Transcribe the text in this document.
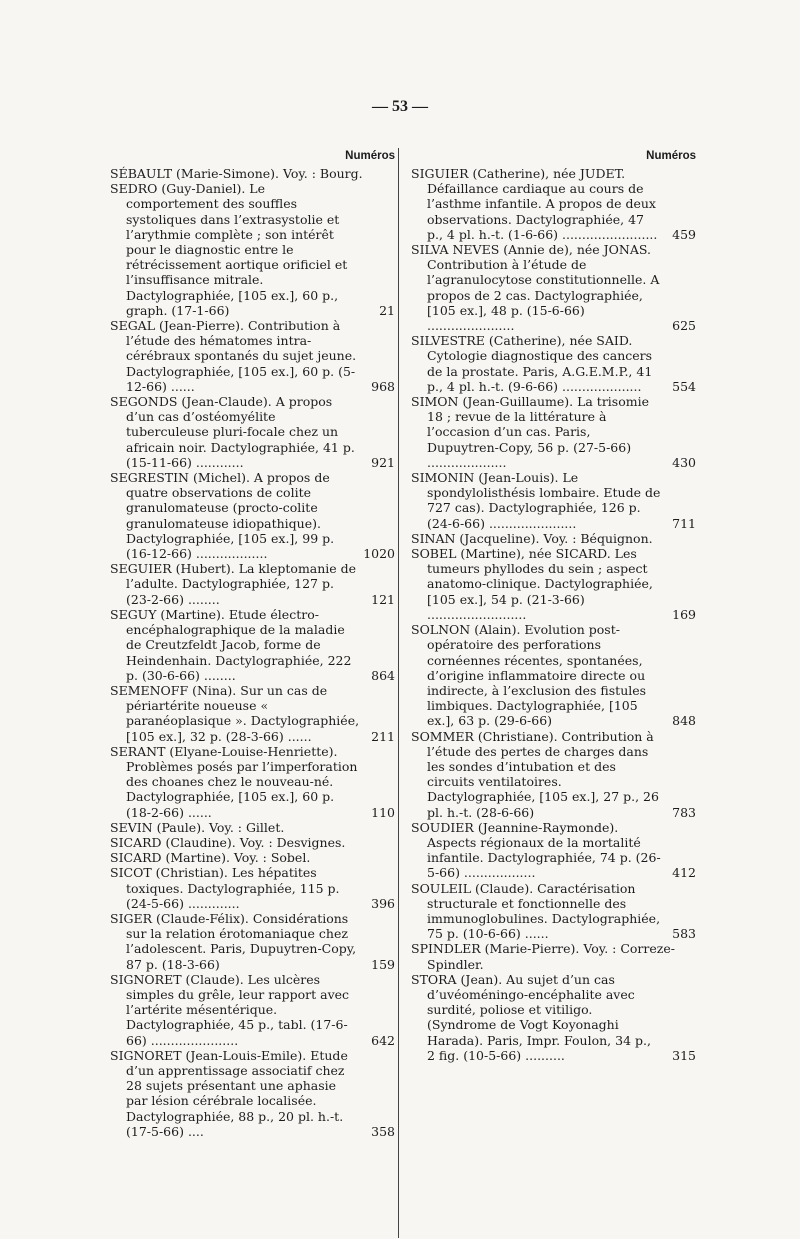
— 53 —
Numéros
SÉBAULT (Marie-Simone). Voy. : Bourg.
SEDRO (Guy-Daniel). Le comportement des souffles systoliques dans l’extrasystolie et l’arythmie complète ; son intérêt pour le diagnostic entre le rétrécissement aortique orificiel et l’insuffisance mitrale. Dactylographiée, [105 ex.], 60 p., graph. (17-1-66)	21
SEGAL (Jean-Pierre). Contribution à l’étude des hématomes intra-cérébraux spontanés du sujet jeune. Dactylographiée, [105 ex.], 60 p. (5-12-66) ......	968
SEGONDS (Jean-Claude). A propos d’un cas d’ostéomyélite tuberculeuse pluri-focale chez un africain noir. Dactylographiée, 41 p. (15-11-66) ............	921
SEGRESTIN (Michel). A propos de quatre observations de colite granulomateuse (procto-colite granulomateuse idiopathique). Dactylographiée, [105 ex.], 99 p. (16-12-66) ..................	1020
SEGUIER (Hubert). La kleptomanie de l’adulte. Dactylographiée, 127 p. (23-2-66) ........	121
SEGUY (Martine). Etude électro-encéphalographique de la maladie de Creutzfeldt Jacob, forme de Heindenhain. Dactylographiée, 222 p. (30-6-66) ........	864
SEMENOFF (Nina). Sur un cas de périartérite noueuse « paranéoplasique ». Dactylographiée, [105 ex.], 32 p. (28-3-66) ......	211
SERANT (Elyane-Louise-Henriette). Problèmes posés par l’imperforation des choanes chez le nouveau-né. Dactylographiée, [105 ex.], 60 p. (18-2-66) ......	110
SEVIN (Paule). Voy. : Gillet.
SICARD (Claudine). Voy. : Desvignes.
SICARD (Martine). Voy. : Sobel.
SICOT (Christian). Les hépatites toxiques. Dactylographiée, 115 p. (24-5-66) .............	396
SIGER (Claude-Félix). Considérations sur la relation érotomaniaque chez l’adolescent. Paris, Dupuytren-Copy, 87 p. (18-3-66)	159
SIGNORET (Claude). Les ulcères simples du grêle, leur rapport avec l’artérite mésentérique. Dactylographiée, 45 p., tabl. (17-6-66) ......................	642
SIGNORET (Jean-Louis-Emile). Etude d’un apprentissage associatif chez 28 sujets présentant une aphasie par lésion cérébrale localisée. Dactylographiée, 88 p., 20 pl. h.-t. (17-5-66) ....	358
Numéros
SIGUIER (Catherine), née JUDET. Défaillance cardiaque au cours de l’asthme infantile. A propos de deux observations. Dactylographiée, 47 p., 4 pl. h.-t. (1-6-66) ........................	459
SILVA NEVES (Annie de), née JONAS. Contribution à l’étude de l’agranulocytose constitutionnelle. A propos de 2 cas. Dactylographiée, [105 ex.], 48 p. (15-6-66) ......................	625
SILVESTRE (Catherine), née SAID. Cytologie diagnostique des cancers de la prostate. Paris, A.G.E.M.P., 41 p., 4 pl. h.-t. (9-6-66) ....................	554
SIMON (Jean-Guillaume). La trisomie 18 ; revue de la littérature à l’occasion d’un cas. Paris, Dupuytren-Copy, 56 p. (27-5-66) ....................	430
SIMONIN (Jean-Louis). Le spondylolisthésis lombaire. Etude de 727 cas). Dactylographiée, 126 p. (24-6-66) ......................	711
SINAN (Jacqueline). Voy. : Béquignon.
SOBEL (Martine), née SICARD. Les tumeurs phyllodes du sein ; aspect anatomo-clinique. Dactylographiée, [105 ex.], 54 p. (21-3-66) .........................	169
SOLNON (Alain). Evolution post-opératoire des perforations cornéennes récentes, spontanées, d’origine inflammatoire directe ou indirecte, à l’exclusion des fistules limbiques. Dactylographiée, [105 ex.], 63 p. (29-6-66)	848
SOMMER (Christiane). Contribution à l’étude des pertes de charges dans les sondes d’intubation et des circuits ventilatoires. Dactylographiée, [105 ex.], 27 p., 26 pl. h.-t. (28-6-66)	783
SOUDIER (Jeannine-Raymonde). Aspects régionaux de la mortalité infantile. Dactylographiée, 74 p. (26-5-66) ..................	412
SOULEIL (Claude). Caractérisation structurale et fonctionnelle des immunoglobulines. Dactylographiée, 75 p. (10-6-66) ......	583
SPINDLER (Marie-Pierre). Voy. : Correze-Spindler.
STORA (Jean). Au sujet d’un cas d’uvéoméningo-encéphalite avec surdité, poliose et vitiligo. (Syndrome de Vogt Koyonaghi Harada). Paris, Impr. Foulon, 34 p., 2 fig. (10-5-66) ..........	315
